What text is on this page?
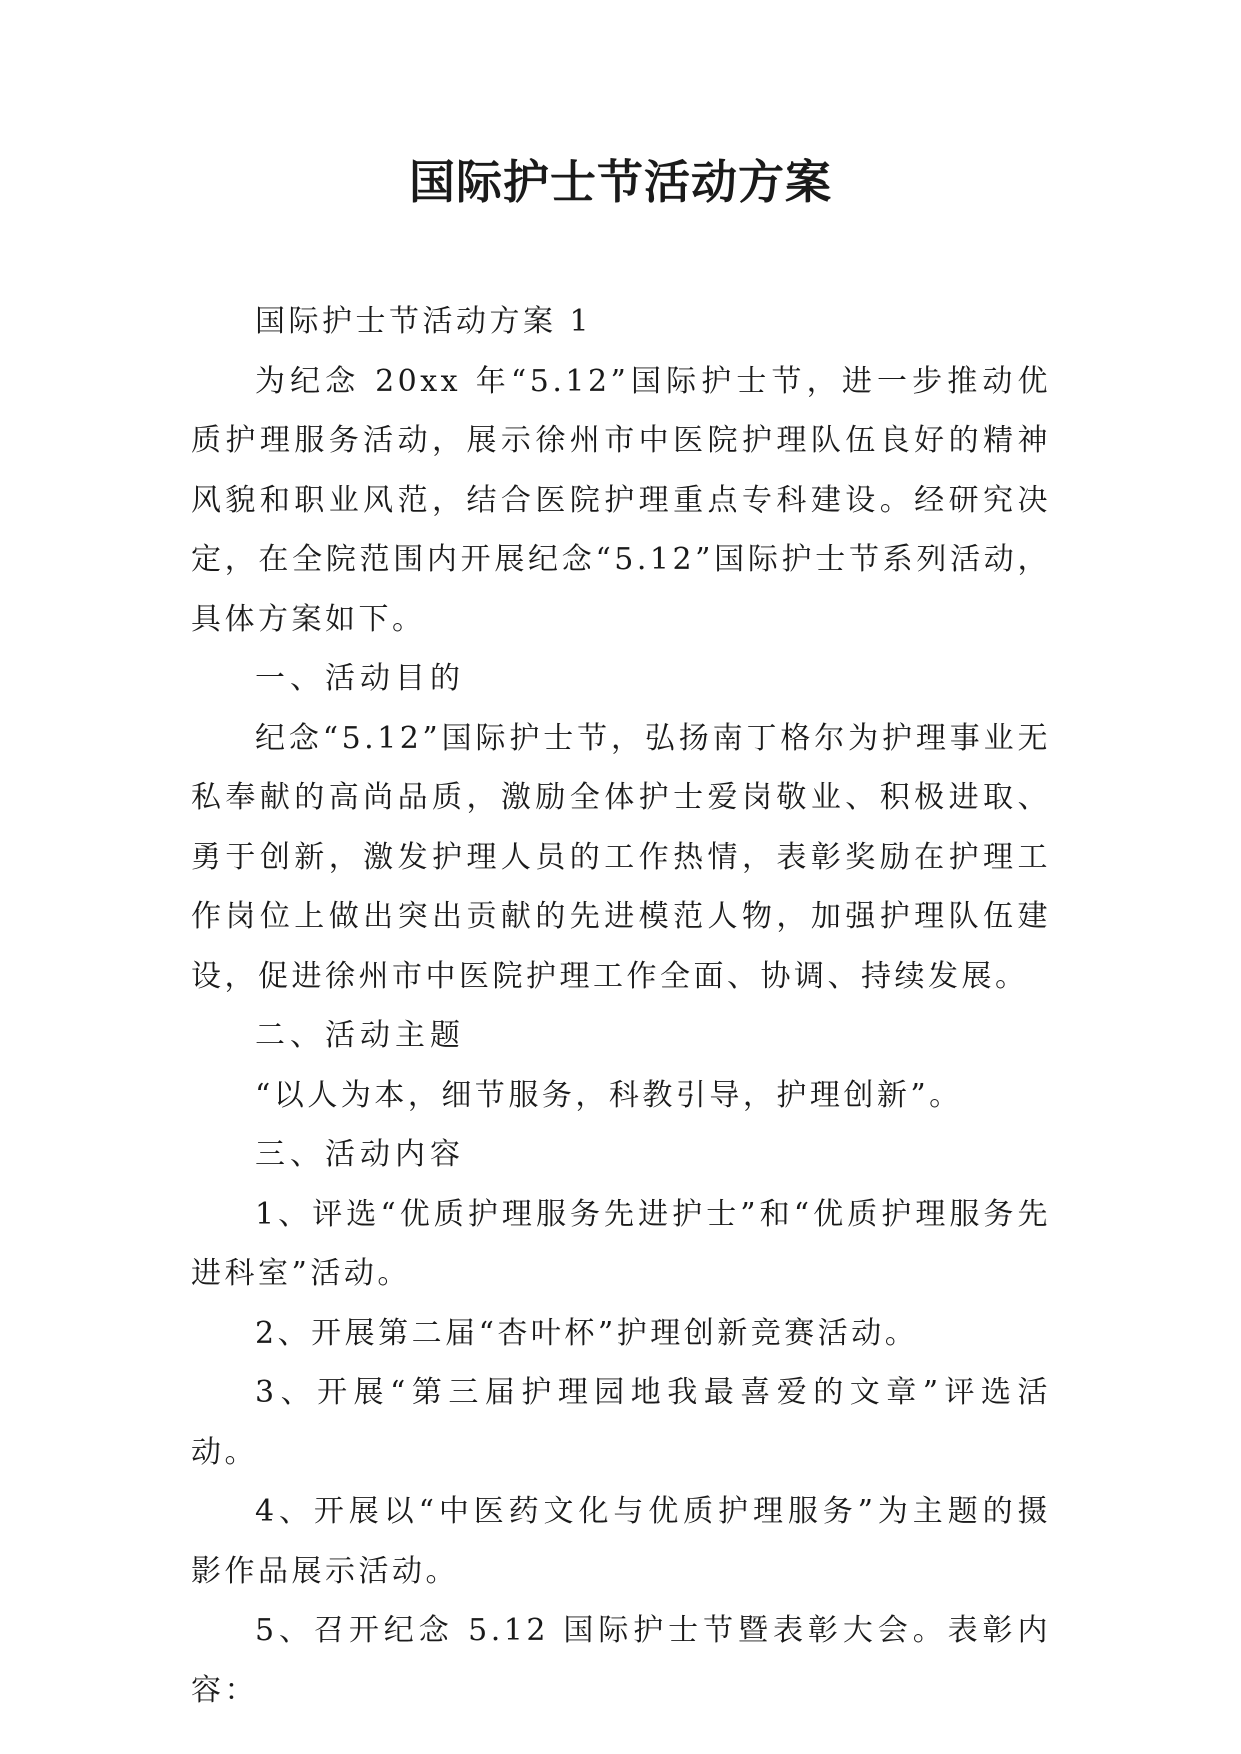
国际护士节活动方案

国际护士节活动方案 1

为纪念 20xx 年“5.12”国际护士节，进一步推动优质护理服务活动，展示徐州市中医院护理队伍良好的精神风貌和职业风范，结合医院护理重点专科建设。经研究决定，在全院范围内开展纪念“5.12”国际护士节系列活动，具体方案如下。

一、活动目的

纪念“5.12”国际护士节，弘扬南丁格尔为护理事业无私奉献的高尚品质，激励全体护士爱岗敬业、积极进取、勇于创新，激发护理人员的工作热情，表彰奖励在护理工作岗位上做出突出贡献的先进模范人物，加强护理队伍建设，促进徐州市中医院护理工作全面、协调、持续发展。

二、活动主题

“以人为本，细节服务，科教引导，护理创新”。

三、活动内容

1、评选“优质护理服务先进护士”和“优质护理服务先进科室”活动。

2、开展第二届“杏叶杯”护理创新竞赛活动。

3、开展“第三届护理园地我最喜爱的文章”评选活动。

4、开展以“中医药文化与优质护理服务”为主题的摄影作品展示活动。

5、召开纪念 5.12 国际护士节暨表彰大会。表彰内容：
